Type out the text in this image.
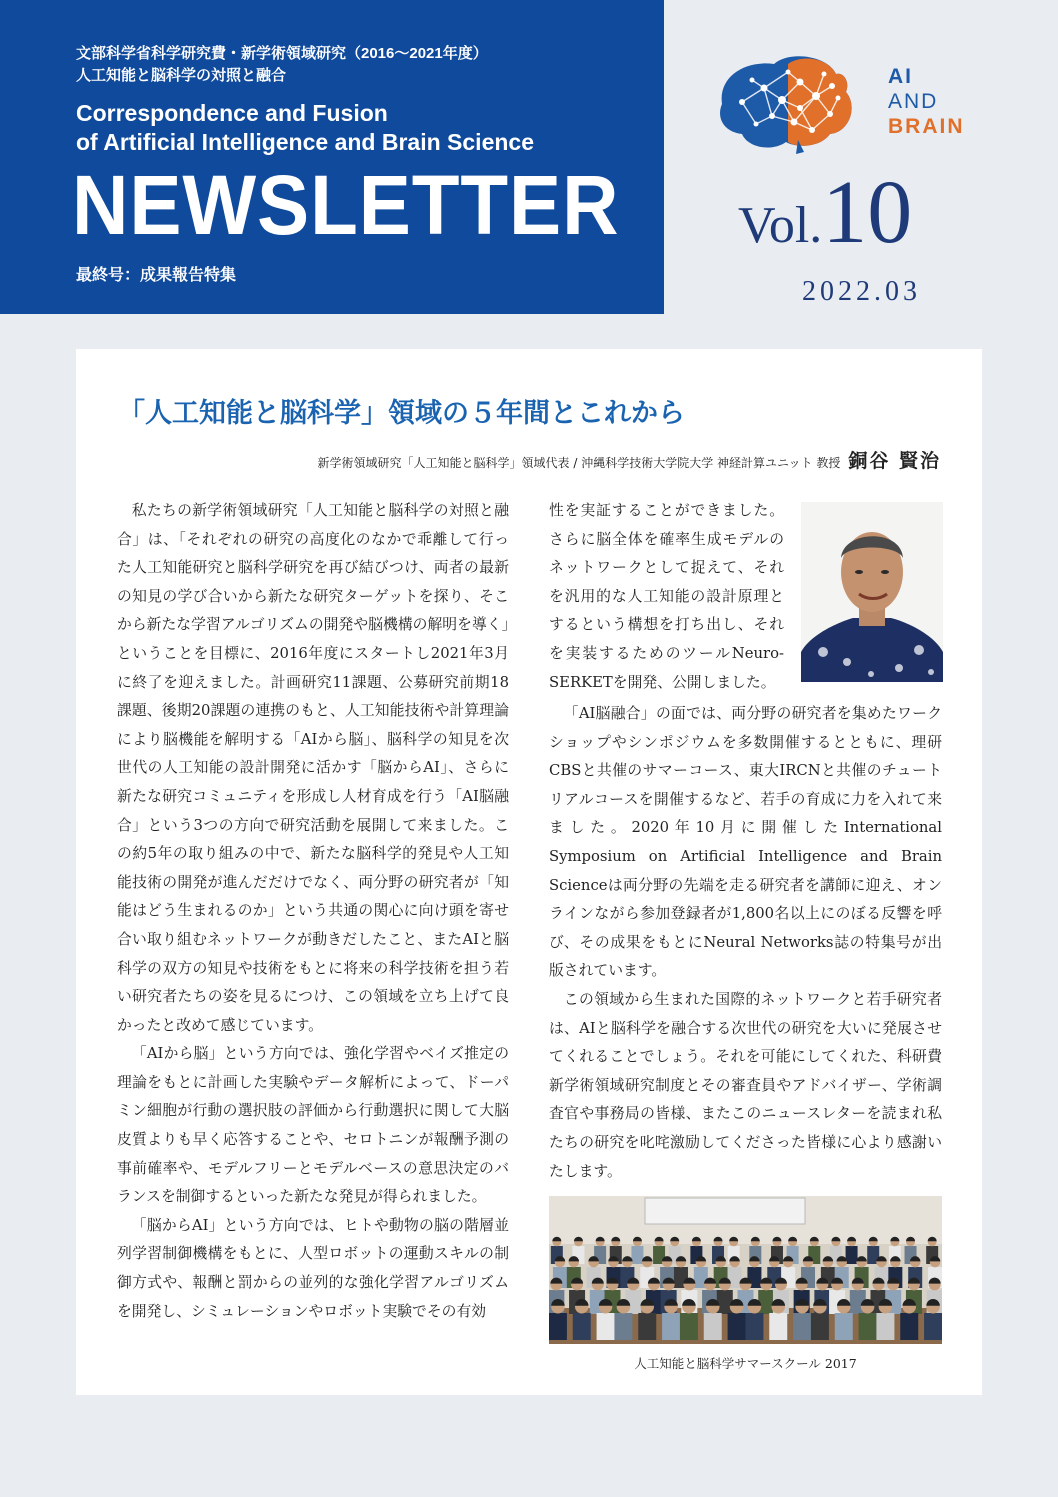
文部科学省科学研究費・新学術領域研究（2016～2021年度）
人工知能と脳科学の対照と融合
Correspondence and Fusion
of Artificial Intelligence and Brain Science
NEWSLETTER
最終号：成果報告特集
AI
AND
BRAIN
Vol.10
2022.03
「人工知能と脳科学」領域の５年間とこれから
新学術領域研究「人工知能と脳科学」領域代表 / 沖縄科学技術大学院大学 神経計算ユニット 教授 銅谷 賢治

私たちの新学術領域研究「人工知能と脳科学の対照と融合」は、「それぞれの研究の高度化のなかで乖離して行った人工知能研究と脳科学研究を再び結びつけ、両者の最新の知見の学び合いから新たな研究ターゲットを探り、そこから新たな学習アルゴリズムの開発や脳機構の解明を導く」ということを目標に、2016年度にスタートし2021年3月に終了を迎えました。計画研究11課題、公募研究前期18課題、後期20課題の連携のもと、人工知能技術や計算理論により脳機能を解明する「AIから脳」、脳科学の知見を次世代の人工知能の設計開発に活かす「脳からAI」、さらに新たな研究コミュニティを形成し人材育成を行う「AI脳融合」という3つの方向で研究活動を展開して来ました。この約5年の取り組みの中で、新たな脳科学的発見や人工知能技術の開発が進んだだけでなく、両分野の研究者が「知能はどう生まれるのか」という共通の関心に向け頭を寄せ合い取り組むネットワークが動きだしたこと、またAIと脳科学の双方の知見や技術をもとに将来の科学技術を担う若い研究者たちの姿を見るにつけ、この領域を立ち上げて良かったと改めて感じています。

「AIから脳」という方向では、強化学習やベイズ推定の理論をもとに計画した実験やデータ解析によって、ドーパミン細胞が行動の選択肢の評価から行動選択に関して大脳皮質よりも早く応答することや、セロトニンが報酬予測の事前確率や、モデルフリーとモデルベースの意思決定のバランスを制御するといった新たな発見が得られました。

「脳からAI」という方向では、ヒトや動物の脳の階層並列学習制御機構をもとに、人型ロボットの運動スキルの制御方式や、報酬と罰からの並列的な強化学習アルゴリズムを開発し、シミュレーションやロボット実験でその有効

性を実証することができました。さらに脳全体を確率生成モデルのネットワークとして捉えて、それを汎用的な人工知能の設計原理とするという構想を打ち出し、それを実装するためのツールNeuro-SERKETを開発、公開しました。

「AI脳融合」の面では、両分野の研究者を集めたワークショップやシンポジウムを多数開催するとともに、理研CBSと共催のサマーコース、東大IRCNと共催のチュートリアルコースを開催するなど、若手の育成に力を入れて来ました。2020年10月に開催したInternational Symposium on Artificial Intelligence and Brain Scienceは両分野の先端を走る研究者を講師に迎え、オンラインながら参加登録者が1,800名以上にのぼる反響を呼び、その成果をもとにNeural Networks誌の特集号が出版されています。

この領域から生まれた国際的ネットワークと若手研究者は、AIと脳科学を融合する次世代の研究を大いに発展させてくれることでしょう。それを可能にしてくれた、科研費新学術領域研究制度とその審査員やアドバイザー、学術調査官や事務局の皆様、またこのニュースレターを読まれ私たちの研究を叱咤激励してくださった皆様に心より感謝いたします。

人工知能と脳科学サマースクール 2017
